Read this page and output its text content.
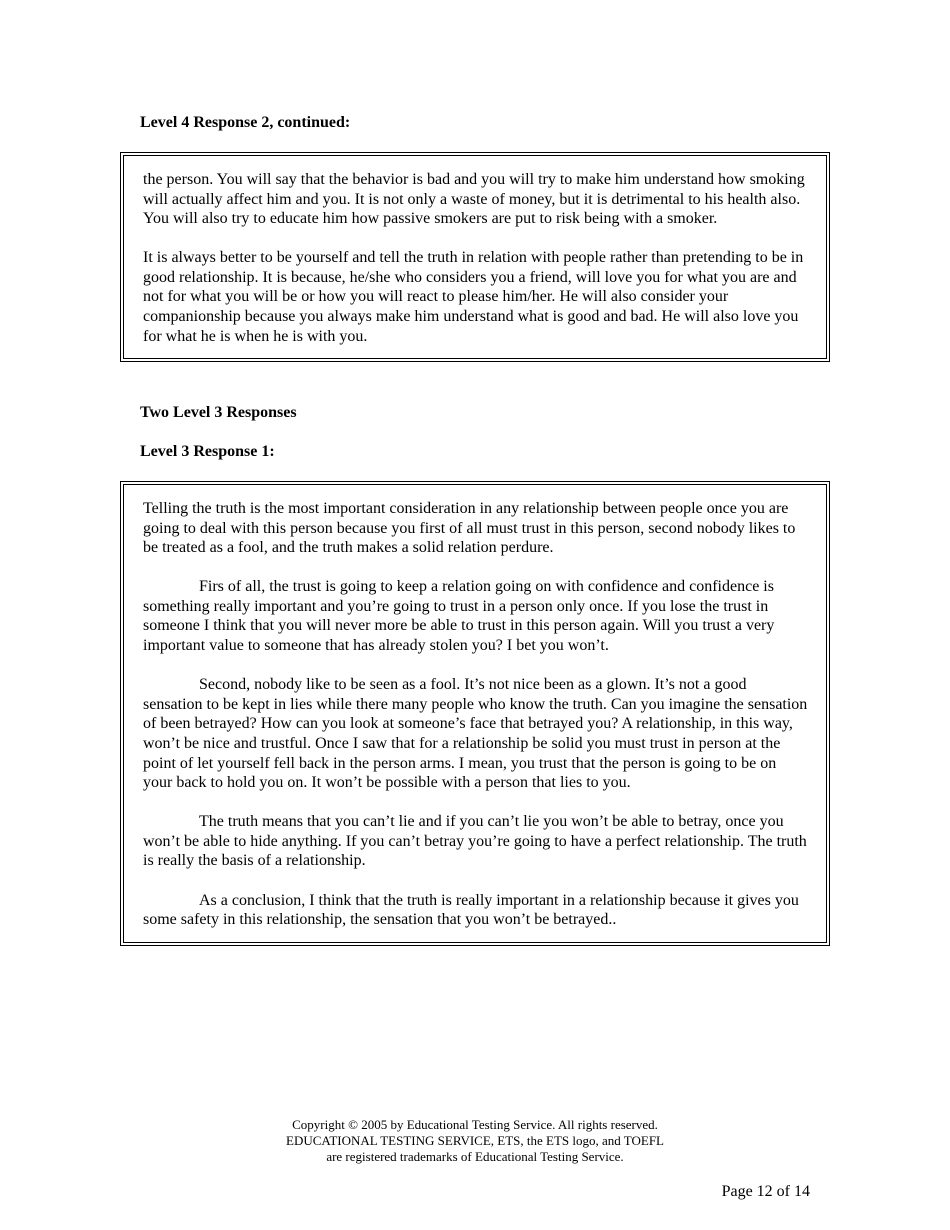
Level 4 Response 2, continued:

the person. You will say that the behavior is bad and you will try to make him understand how smoking will actually affect him and you. It is not only a waste of money, but it is detrimental to his health also. You will also try to educate him how passive smokers are put to risk being with a smoker.

It is always better to be yourself and tell the truth in relation with people rather than pretending to be in good relationship. It is because, he/she who considers you a friend, will love you for what you are and not for what you will be or how you will react to please him/her. He will also consider your companionship because you always make him understand what is good and bad. He will also love you for what he is when he is with you.

Two Level 3 Responses
Level 3 Response 1:

Telling the truth is the most important consideration in any relationship between people once you are going to deal with this person because you first of all must trust in this person, second nobody likes to be treated as a fool, and the truth makes a solid relation perdure.

Firs of all, the trust is going to keep a relation going on with confidence and confidence is something really important and you’re going to trust in a person only once. If you lose the trust in someone I think that you will never more be able to trust in this person again. Will you trust a very important value to someone that has already stolen you? I bet you won’t.

Second, nobody like to be seen as a fool. It’s not nice been as a glown. It’s not a good sensation to be kept in lies while there many people who know the truth. Can you imagine the sensation of been betrayed? How can you look at someone’s face that betrayed you? A relationship, in this way, won’t be nice and trustful. Once I saw that for a relationship be solid you must trust in person at the point of let yourself fell back in the person arms. I mean, you trust that the person is going to be on your back to hold you on. It won’t be possible with a person that lies to you.

The truth means that you can’t lie and if you can’t lie you won’t be able to betray, once you won’t be able to hide anything. If you can’t betray you’re going to have a perfect relationship. The truth is really the basis of a relationship.

As a conclusion, I think that the truth is really important in a relationship because it gives you some safety in this relationship, the sensation that you won’t be betrayed..

Copyright © 2005 by Educational Testing Service. All rights reserved.
EDUCATIONAL TESTING SERVICE, ETS, the ETS logo, and TOEFL
are registered trademarks of Educational Testing Service.
Page 12 of 14
